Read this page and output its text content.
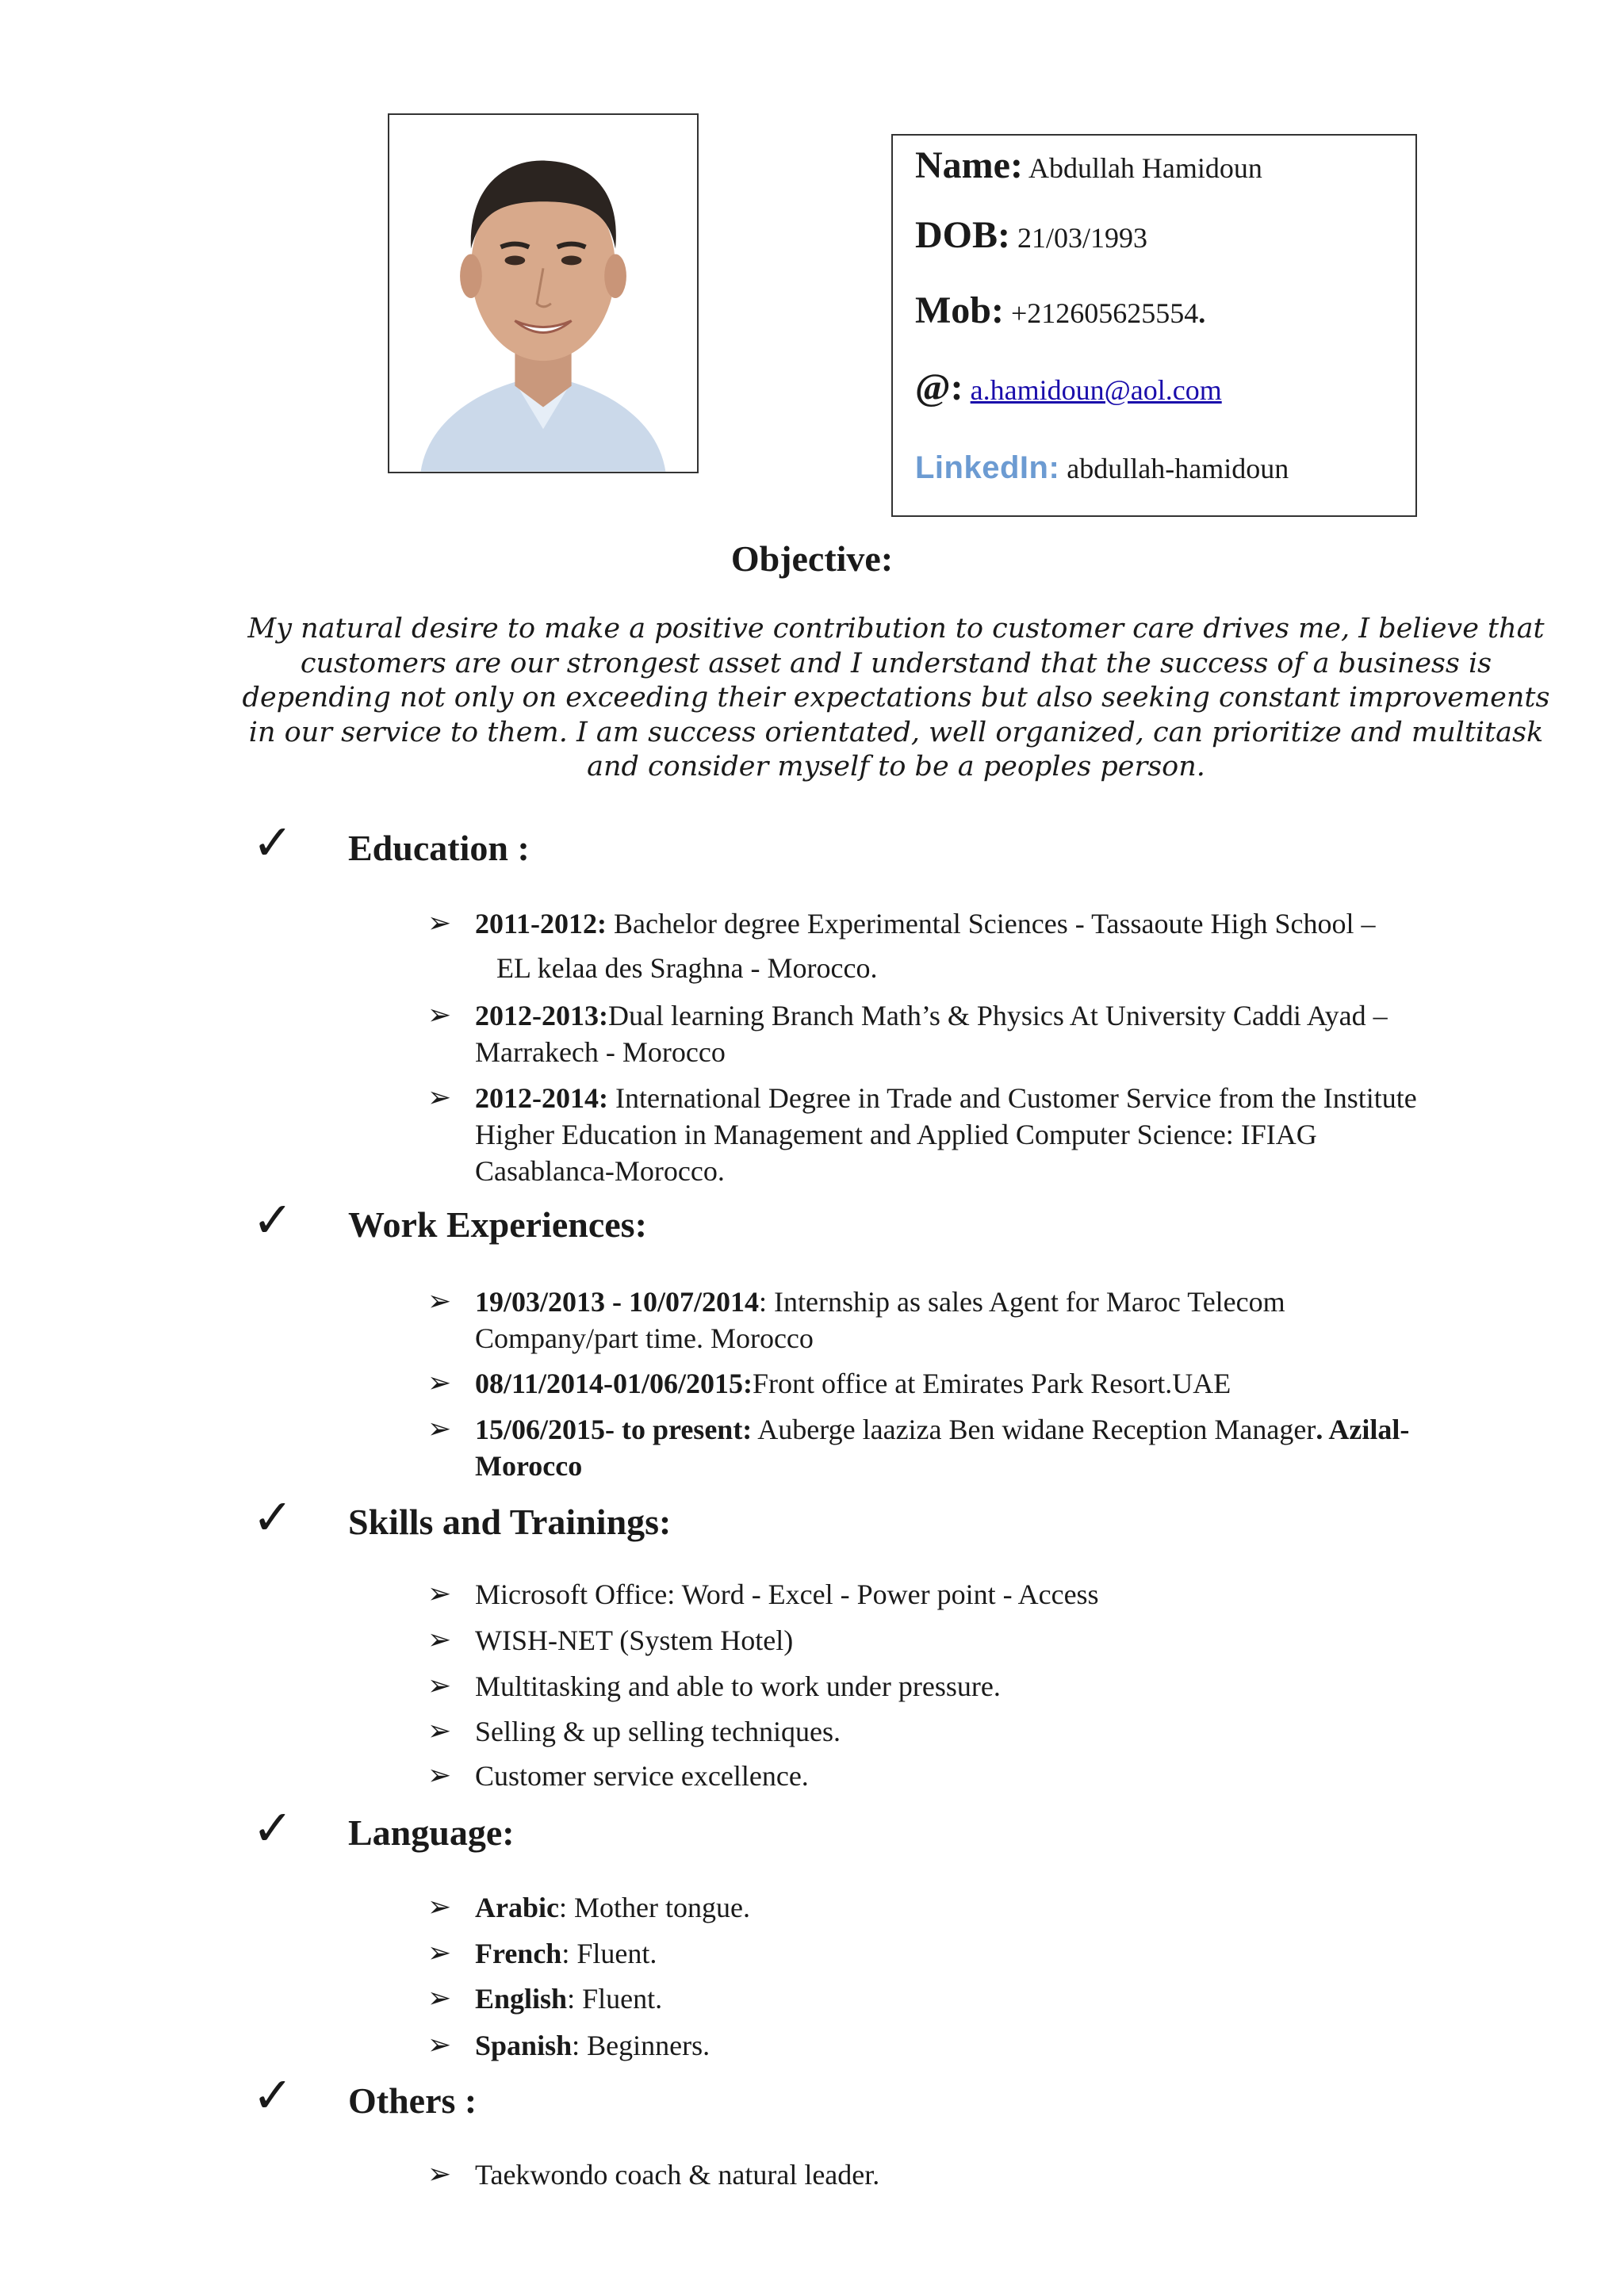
Name: Abdullah Hamidoun
DOB: 21/03/1993
Mob: +212605625554.
@: a.hamidoun@aol.com
LinkedIn: abdullah-hamidoun
Objective:
My natural desire to make a positive contribution to customer care drives me, I believe that customers are our strongest asset and I understand that the success of a business is depending not only on exceeding their expectations but also seeking constant improvements in our service to them. I am success orientated, well organized, can prioritize and multitask and consider myself to be a peoples person.
✓ Education :
➢ 2011-2012: Bachelor degree Experimental Sciences - Tassaoute High School –
EL kelaa des Sraghna - Morocco.
➢ 2012-2013:Dual learning Branch Math’s & Physics At University Caddi Ayad –
Marrakech - Morocco
➢ 2012-2014: International Degree in Trade and Customer Service from the Institute
Higher Education in Management and Applied Computer Science: IFIAG
Casablanca-Morocco.
✓ Work Experiences:
➢ 19/03/2013 - 10/07/2014: Internship as sales Agent for Maroc Telecom
Company/part time. Morocco
➢ 08/11/2014-01/06/2015:Front office at Emirates Park Resort.UAE
➢ 15/06/2015- to present: Auberge laaziza Ben widane Reception Manager. Azilal-
Morocco
✓ Skills and Trainings:
➢ Microsoft Office: Word - Excel - Power point - Access
➢ WISH-NET (System Hotel)
➢ Multitasking and able to work under pressure.
➢ Selling & up selling techniques.
➢ Customer service excellence.
✓ Language:
➢ Arabic: Mother tongue.
➢ French: Fluent.
➢ English: Fluent.
➢ Spanish: Beginners.
✓ Others :
➢ Taekwondo coach & natural leader.
